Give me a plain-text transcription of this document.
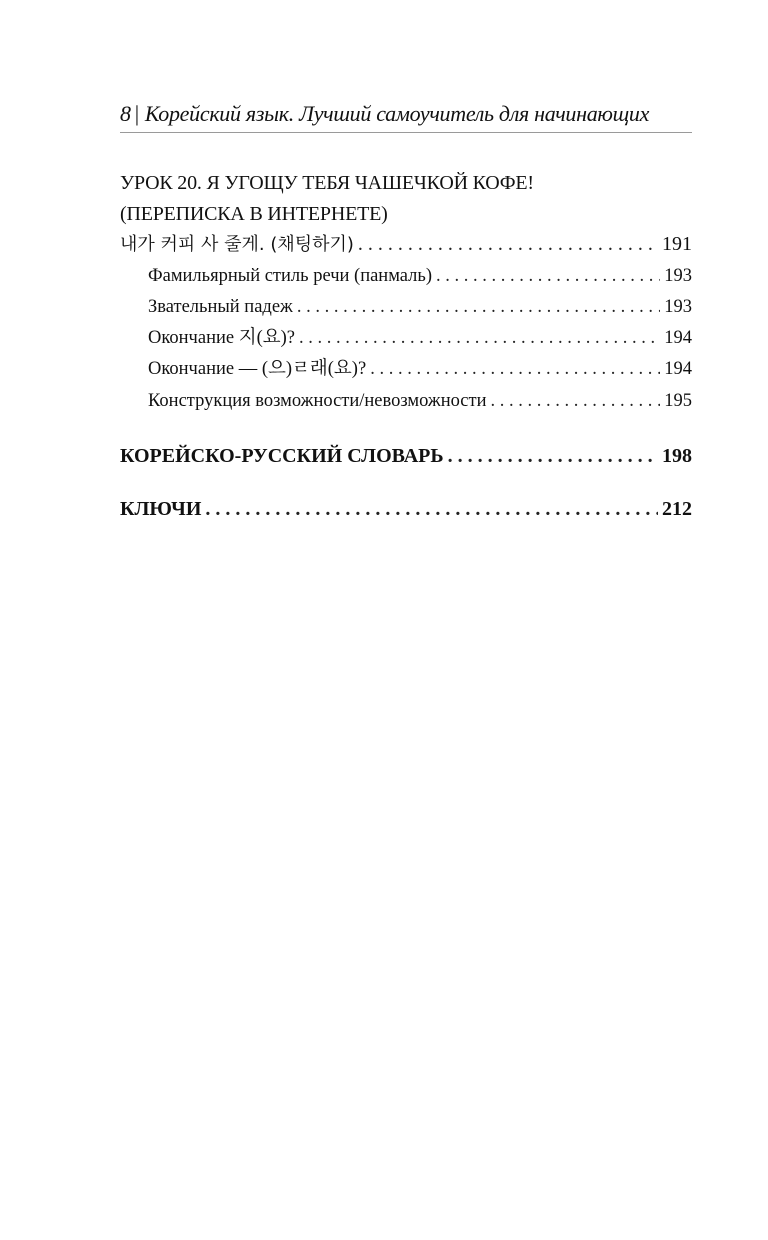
8 | Корейский язык. Лучший самоучитель для начинающих
УРОК 20. Я УГОЩУ ТЕБЯ ЧАШЕЧКОЙ КОФЕ!
(ПЕРЕПИСКА В ИНТЕРНЕТЕ)
내가 커피 사 줄게. (채팅하기) . . .	191
Фамильярный стиль речи (панмаль) . . .	193
Звательный падеж . . .	193
Окончание 지(요)? . . .	194
Окончание — (으)ㄹ래(요)? . . .	194
Конструкция возможности/невозможности . . .	195
КОРЕЙСКО-РУССКИЙ СЛОВАРЬ . . .	198
КЛЮЧИ . . .	212
